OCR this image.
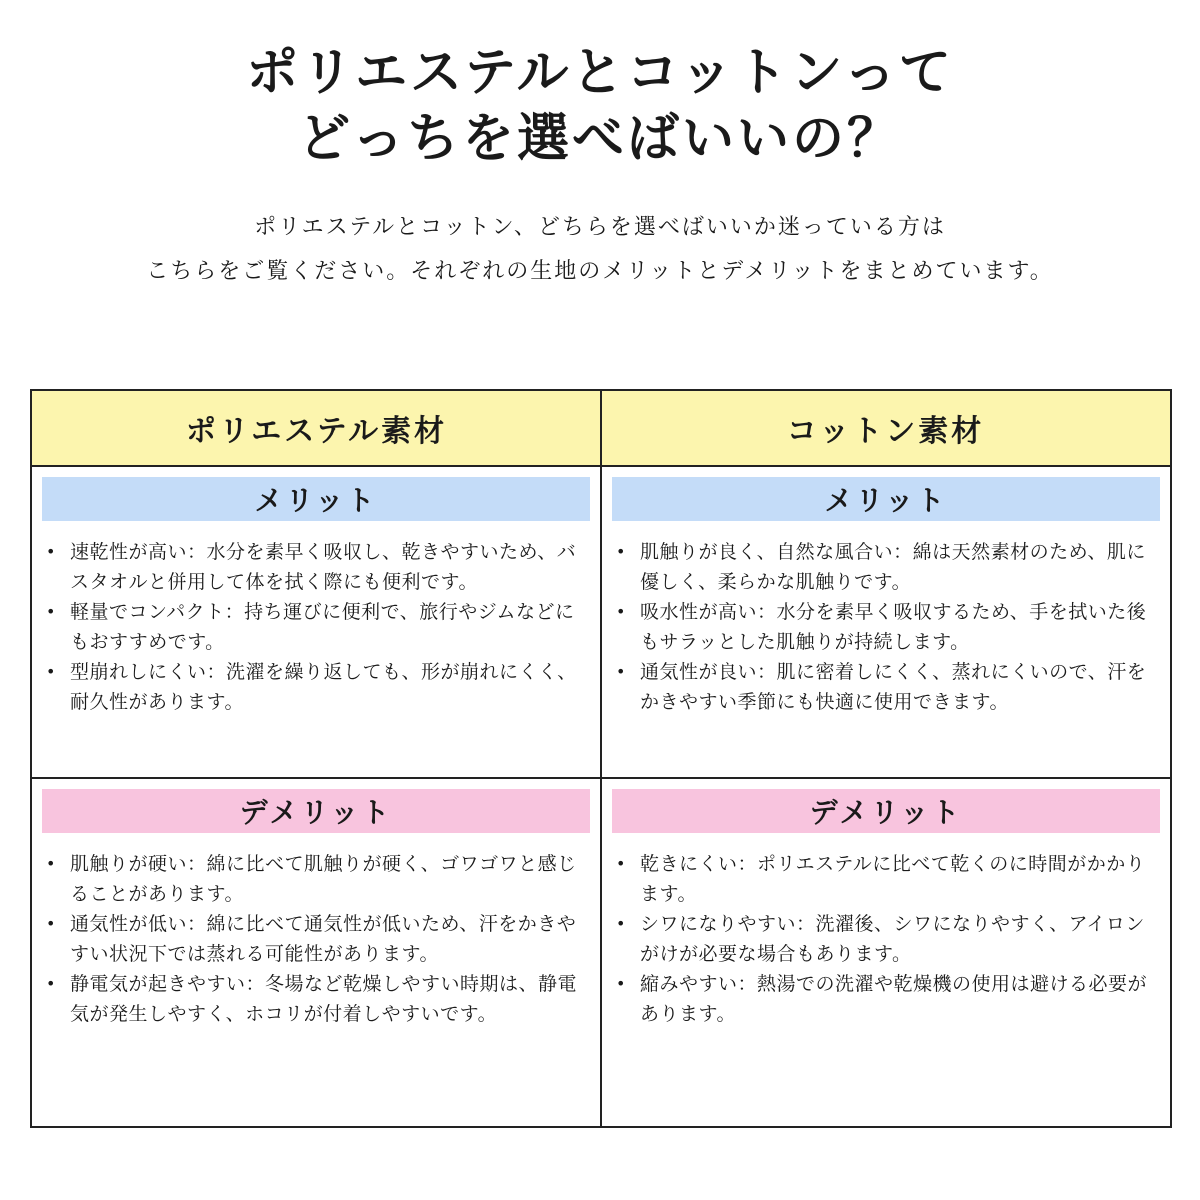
ポリエステルとコットンって
どっちを選べばいいの？
ポリエステルとコットン、どちらを選べばいいか迷っている方は
こちらをご覧ください。それぞれの生地のメリットとデメリットをまとめています。
ポリエステル素材	コットン素材
メリット
• 速乾性が高い：水分を素早く吸収し、乾きやすいため、バスタオルと併用して体を拭く際にも便利です。
• 軽量でコンパクト：持ち運びに便利で、旅行やジムなどにもおすすめです。
• 型崩れしにくい：洗濯を繰り返しても、形が崩れにくく、耐久性があります。
メリット
• 肌触りが良く、自然な風合い：綿は天然素材のため、肌に優しく、柔らかな肌触りです。
• 吸水性が高い：水分を素早く吸収するため、手を拭いた後もサラッとした肌触りが持続します。
• 通気性が良い：肌に密着しにくく、蒸れにくいので、汗をかきやすい季節にも快適に使用できます。
デメリット
• 肌触りが硬い：綿に比べて肌触りが硬く、ゴワゴワと感じることがあります。
• 通気性が低い：綿に比べて通気性が低いため、汗をかきやすい状況下では蒸れる可能性があります。
• 静電気が起きやすい：冬場など乾燥しやすい時期は、静電気が発生しやすく、ホコリが付着しやすいです。
デメリット
• 乾きにくい：ポリエステルに比べて乾くのに時間がかかります。
• シワになりやすい：洗濯後、シワになりやすく、アイロンがけが必要な場合もあります。
• 縮みやすい：熱湯での洗濯や乾燥機の使用は避ける必要があります。
